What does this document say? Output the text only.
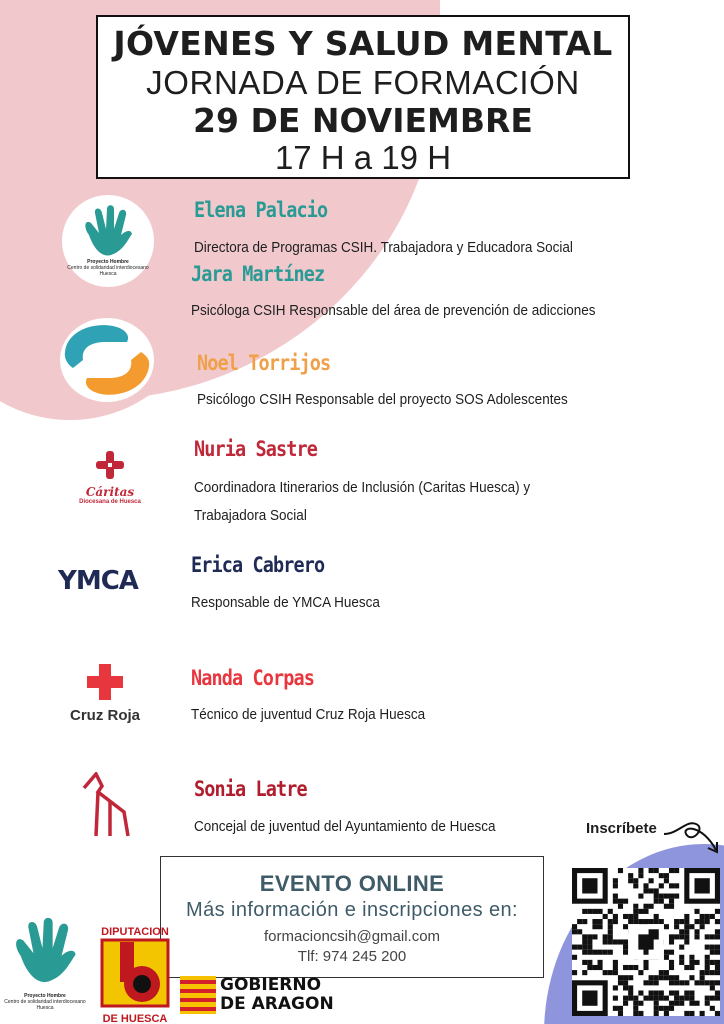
JÓVENES Y SALUD MENTAL
JORNADA DE FORMACIÓN
29 DE NOVIEMBRE
17 H a 19 H
Proyecto Hombre
Centro de solidaridad interdiocesano
Huesca
Elena Palacio
Directora de Programas CSIH. Trabajadora y Educadora Social
Jara Martínez
Psicóloga CSIH Responsable del área de prevención de adicciones
Noel Torrijos
Psicólogo CSIH Responsable del proyecto SOS Adolescentes
Cáritas
Diocesana de Huesca
Nuria Sastre
Coordinadora Itinerarios de Inclusión (Caritas Huesca) y
Trabajadora Social
YMCA
Erica Cabrero
Responsable de YMCA Huesca
Cruz Roja
Nanda Corpas
Técnico de juventud Cruz Roja Huesca
Sonia Latre
Concejal de juventud del Ayuntamiento de Huesca	Inscríbete
EVENTO ONLINE
Más información e inscripciones en:
formacioncsih@gmail.com
Tlf: 974 245 200
Proyecto Hombre
Centro de solidaridad interdiocesano
Huesca
DIPUTACION
DE HUESCA
GOBIERNO
DE ARAGON
